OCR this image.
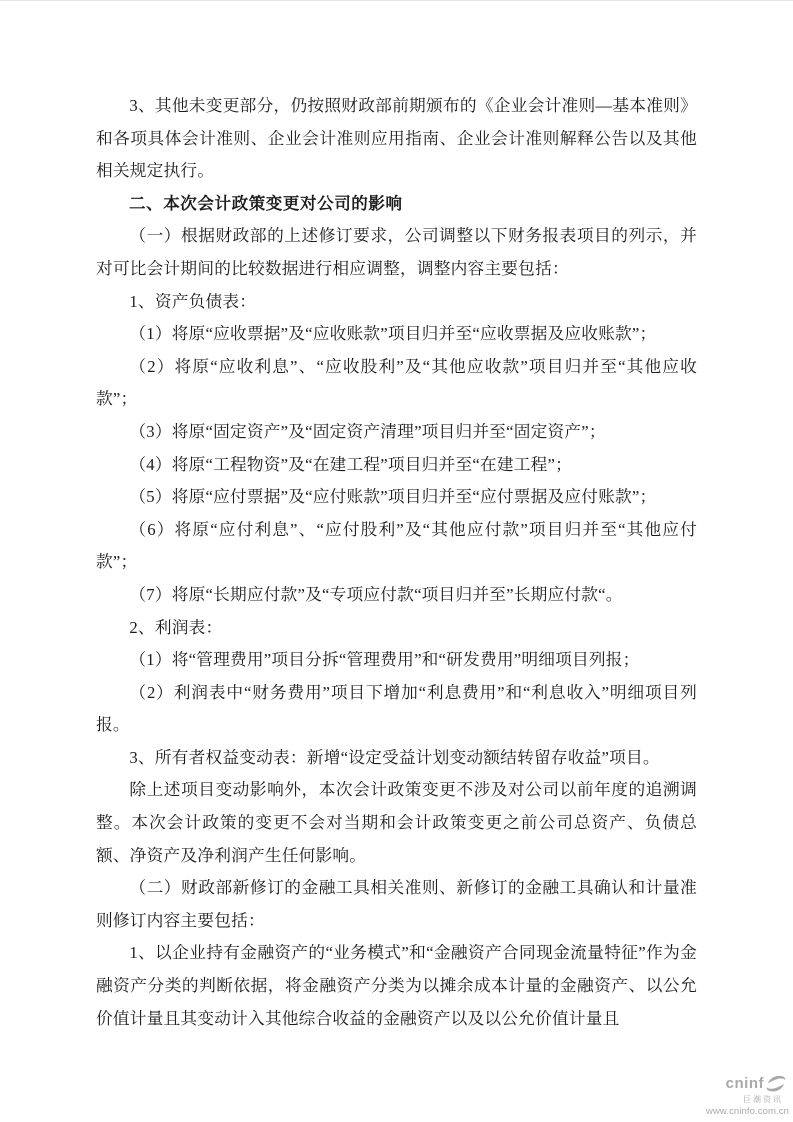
3、其他未变更部分，仍按照财政部前期颁布的《企业会计准则—基本准则》和各项具体会计准则、企业会计准则应用指南、企业会计准则解释公告以及其他相关规定执行。

二、本次会计政策变更对公司的影响

（一）根据财政部的上述修订要求，公司调整以下财务报表项目的列示，并对可比会计期间的比较数据进行相应调整，调整内容主要包括：

1、资产负债表：

（1）将原“应收票据”及“应收账款”项目归并至“应收票据及应收账款”；

（2）将原“应收利息”、“应收股利”及“其他应收款”项目归并至“其他应收款”；

（3）将原“固定资产”及“固定资产清理”项目归并至“固定资产”；

（4）将原“工程物资”及“在建工程”项目归并至“在建工程”；

（5）将原“应付票据”及“应付账款”项目归并至“应付票据及应付账款”；

（6）将原“应付利息”、“应付股利”及“其他应付款”项目归并至“其他应付款”；

（7）将原“长期应付款”及“专项应付款“项目归并至”长期应付款“。

2、利润表：

（1）将“管理费用”项目分拆“管理费用”和“研发费用”明细项目列报；

（2）利润表中“财务费用”项目下增加“利息费用”和“利息收入”明细项目列报。

3、所有者权益变动表：新增“设定受益计划变动额结转留存收益”项目。

除上述项目变动影响外，本次会计政策变更不涉及对公司以前年度的追溯调整。本次会计政策的变更不会对当期和会计政策变更之前公司总资产、负债总额、净资产及净利润产生任何影响。

（二）财政部新修订的金融工具相关准则、新修订的金融工具确认和计量准则修订内容主要包括：

1、以企业持有金融资产的“业务模式”和“金融资产合同现金流量特征”作为金融资产分类的判断依据，将金融资产分类为以摊余成本计量的金融资产、以公允价值计量且其变动计入其他综合收益的金融资产以及以公允价值计量且

cninf
巨潮资讯
www.cninfo.com.cn
